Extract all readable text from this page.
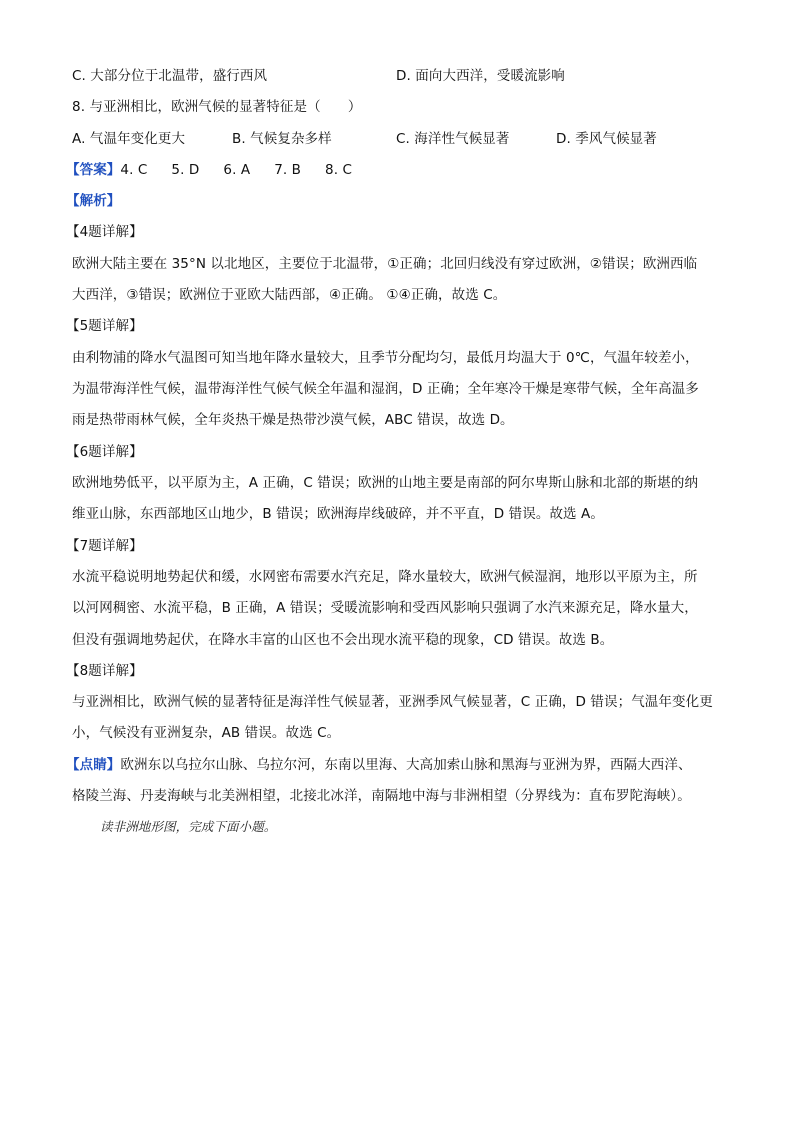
C. 大部分位于北温带，盛行西风	D. 面向大西洋，受暖流影响
8. 与亚洲相比，欧洲气候的显著特征是（　　）
A. 气温年变化更大	B. 气候复杂多样	C. 海洋性气候显著	D. 季风气候显著
【答案】4. C 5. D 6. A 7. B 8. C
【解析】
【4题详解】
欧洲大陆主要在 35°N 以北地区，主要位于北温带，①正确；北回归线没有穿过欧洲，②错误；欧洲西临
大西洋，③错误；欧洲位于亚欧大陆西部，④正确。 ①④正确，故选 C。
【5题详解】
由利物浦的降水气温图可知当地年降水量较大，且季节分配均匀，最低月均温大于 0℃，气温年较差小，
为温带海洋性气候，温带海洋性气候气候全年温和湿润，D 正确；全年寒冷干燥是寒带气候，全年高温多
雨是热带雨林气候，全年炎热干燥是热带沙漠气候，ABC 错误，故选 D。
【6题详解】
欧洲地势低平，以平原为主，A 正确，C 错误；欧洲的山地主要是南部的阿尔卑斯山脉和北部的斯堪的纳
维亚山脉，东西部地区山地少，B 错误；欧洲海岸线破碎，并不平直，D 错误。故选 A。
【7题详解】
水流平稳说明地势起伏和缓，水网密布需要水汽充足，降水量较大，欧洲气候湿润，地形以平原为主，所
以河网稠密、水流平稳，B 正确，A 错误；受暖流影响和受西风影响只强调了水汽来源充足，降水量大，
但没有强调地势起伏，在降水丰富的山区也不会出现水流平稳的现象，CD 错误。故选 B。
【8题详解】
与亚洲相比，欧洲气候的显著特征是海洋性气候显著，亚洲季风气候显著，C 正确，D 错误；气温年变化更
小，气候没有亚洲复杂，AB 错误。故选 C。
【点睛】欧洲东以乌拉尔山脉、乌拉尔河，东南以里海、大高加索山脉和黑海与亚洲为界，西隔大西洋、
格陵兰海、丹麦海峡与北美洲相望，北接北冰洋，南隔地中海与非洲相望（分界线为：直布罗陀海峡）。
读非洲地形图，完成下面小题。
